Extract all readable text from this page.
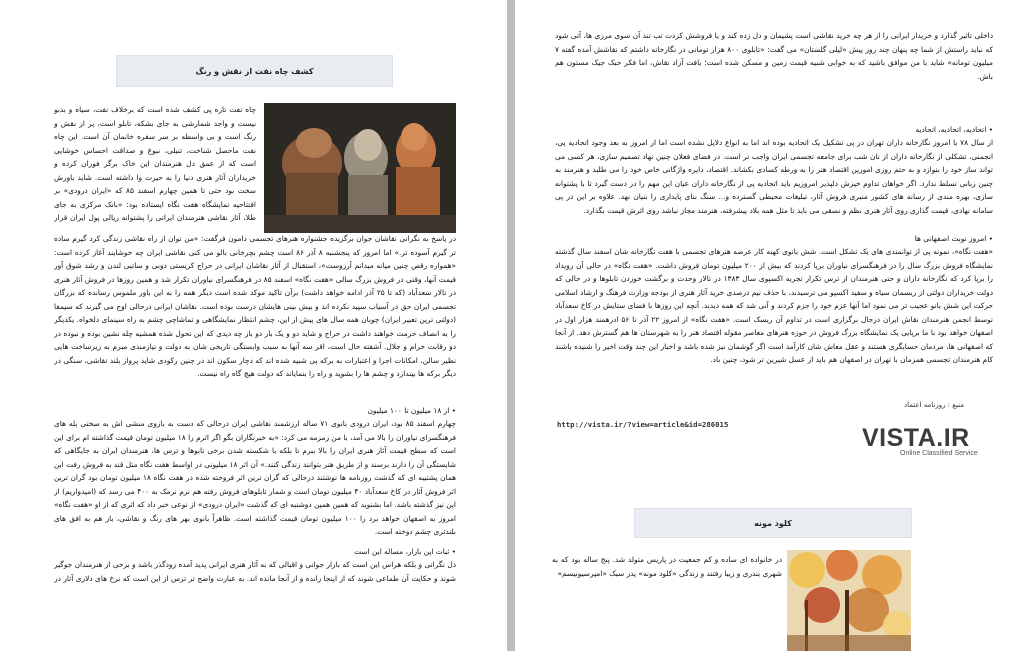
کشف چاه نفت از نقش و رنگ
چاه نفت تازه پی کشف شده است که برخلاف نفت، سیاه و بدبو نیست و واجد شمارشی به جای بشکه، تابلو است، پر از نقش و رنگ است و بی واسطه بر سر سفره خانمان آن است. این چاه نفت ماحصل شناخت، تنبلی، نبوغ و صداقت احساس خوشایی است که از عمق دل هنرمندان این خاک برگر فوران کرده و خریداران آثار هنری دنیا را به حیرت وا داشته است. شاید باورش سخت بود حتی تا همین چهارم اسفند ۸۵ که «ایران درودی» بر افتتاحیه نمایشگاه هفت نگاه ایستاده بود: «بانک مرکزی به جای طلا، آثار نقاشی هنرمندان ایرانی را پشتوانه ریالی پول ایران قرار
در پاسخ به نگرانی نقاشان جوان برگزیده جشنواره هنرهای تجسمی دامون فرگفت: «من توان از راه نقاشی زندگی کرد گیرم ساده تر گیرم آسوده تر.» اما امروز که پنجشنبه ۸ آذر ۸۶ است چشم بچرخانی بالو می کنی نقاشی ایران چه خوشایند آغاز کرده است: «همواره رقص چنین میانه میدانم آرزوست»، استقبال از آثار نقاشان ایرانی در حراج کریستی دوبی و ساتبی لندن و رشد شوق آور قیمت آنها، وقتی در فروش بزرگ سالی «هفت نگاه» اسفند ۸۵ در فرهنگسرای نیاوران تکرار شد و همین روزها در فروش آثار هنری در تالار سعدآباد (که تا ۲۵ آذر ادامه خواهد داشت) برآن تاکید موکد شده است دیگر همه را به این باور ملموس رسانده که بزرگان تجسمی ایران حق در آسیاب سپید نکرده اند و بیش بینی هایشان درست بوده است. نقاشان ایرانی درحالی اوج می گیرند که سیمفا (دولتی ترین تعبیر ایران) چوبان همه سال های پیش از این، چشم انتظار نمایشگاهی و تماشاچی چشم به راه سینمای دلخواه. یکدیگر را به انصاف حرمت خواهند داشت در حراج و شاید دو و یک بار دو باز چه دیدی که این تحول شده همشیه چله نشین بوده و نبوده در دو رقابت خرام و جلال. آشفته حال است، اقر سه آنها به سبب وابستگی تاریخی شان به دولت و نیازمندی مبرم به زیرساخت هایی نظیر سالن، امکانات اجرا و اعتبارات به برکه پی شبیه شده اند که دچار سکون اند در چنین رکودی شاید پرواز بلند نقاشی، سنگی در دیگر برکه ها بیندازد و چشم ها را بشوید و راه را بنمایاند که دولت هیچ گاه راه نیست.
• از ۱۸ میلیون تا ۱۰۰ میلیون
چهارم اسفند ۸۵ بود، ایران درودی بانوی ۷۱ ساله ارزشمند نقاشی ایران درحالی که دست به بازوی منشی اش به سختی پله های فرهنگسرای نیاوران را بالا می آمد، با من زمزمه می کرد: «به خبرنگاران بگو اگر اثرم را ۱۸ میلیون تومان قیمت گذاشته ام برای این است که سطح قیمت آثار هنری ایران را بالا ببرم تا بلکه با شکسته شدن برخی تابوها و ترس ها، هنرمندان ایران به جایگاهی که شایستگی آن را دارند برسند و از طریق هنر بتوانند زندگی کنند.» آن اثر ۱۸ میلیونی در اواسط هفت نگاه متل قند به فروش رفت این همان پشتیبه ای که گذشت روزنامه ها نوشتند درحالی که گران ترین اثر فروخته شده در هفت نگاه ۱۸ میلیون تومان بود گران ترین اثر فروش آثار در کاخ سعدآباد ۴۰ میلیون تومان است و شمار تابلوهای فروش رفته هم نرم نرمک به ۴۰۰ می رسد که (امیدواریم) از این نیز گذشته باشد. اما بشنوید که همین همین دوشنبه ای که گذشت «ایران درودی» از نوعی خبر داد که اثری که از او «هفت نگاه» امروز به اصفهان خواهد برد را ۱۰۰ میلیون تومان قیمت گذاشته است. ظاهراً بانوی بهر های رنگ و نقاشی، بار هم به افق های بلندتری چشم دوخته است.
• ثبات این بازار، مساله این است
دل نگرانی و بلکه هراس این است که بازار جوانی و اقبالی که به آثار هنری ایرانی پدید آمده زودگذر باشد و برخی از هنرمندان جوگیر شوند و حکایت آن طماعی شوند که از اینجا رانده و از آنجا مانده اند. به عبارت واضح تر ترس از این است که نرخ های دلاری آثار در
داخلی تاثیر گذارد و خریدار ایرانی را از هر چه خرید نقاشی است پشیمان و دل زده کند و یا فروشش کردت تب تند آن سوی مرزی ها، آتی شود که نباید راستش از شما چه پنهان چند روز پیش «لیلی گلستان» می گفت: «تابلوی ۸۰۰ هزار تومانی در نگارخانه داشتم که نقاشش آمده گفته ۷ میلیون تومانه» شاید با من موافق باشید که به خوابی شبیه قیمت زمین و مسکن شده است؛ بافت آزاد نقاش، اما فکر حبک جیک مستون هم باش.
• اتحادیه، اتحادیه، اتحادیه
از سال ۷۸ با امروز نگارخانه داران تهران در پی تشکیل یک اتحادیه بوده اند اما به انواع دلایل نشده است اما از امروز به بعد وجود اتحادیه پی، انجمنی، تشکلی از نگارخانه داران از نان شب برای جامعه تجسمی ایران واجب تر است. در فضای فعلان چنین نهاد تصمیم سازی، هر کسی می تواند ساز خود را بنوازد و به حتم روزی امورین اقتصاد هنر را به ورطه کسادی بکشاند. اقتصاد، دایره واژگانی خاص خود را می طلبد و هنرمند به چنین زبانی تسلط ندارد. اگر خواهان تداوم خیزش دلپذیر امروزیم باید اتحادیه پی از نگارخانه داران عیان این مهم را در دست گیرد تا با پشتوانه سازی، بهره مندی از رسانه های کشور منبری فروش آثار، تبلیغات محیطی گسترده و... سنگ بنای پایداری را بنیان نهد. علاوه بر این در پی سامانه نهادی، قیمت گذاری روی آثار هنری نظم و نسقی می باید تا مثل همه بلاد پیشرفته، هنرمند مجاز نباشد روی اثرش قیمت بگذارد.
• امروز نوبت اصفهانی ها
«هفت نگاه»، نمونه پی از توانمندی های یک تشکل است. شش بانوی کهنه کار عرصه هنرهای تجسمی با هفت نگارخانه شان اسفند سال گذشته نمایشگاه فروش بزرگ سال را در فرهنگسرای نیاوران برپا کردند که بیش از ۲۰۰ میلیون تومان فروش داشت. «هفت نگاه» در حالی آن رویداد را برپا کرد که نگارخانه داران و حتی هنرمندان از ترس تکرار تجربه اکسپوی سال ۱۳۸۳ در تالار وحدت و برگشت خوردن تابلوها و در حالی که دولت خریداران دولتی از ریسمان سیاه و سفید اکسپو می ترسیدند، با حذف نیم درصدی خرید آثار هنری از بودجه وزارت فرهنگ و ارشاد اسلامی حرکت این شش بانو عجیب تر می نمود اما آنها عزم خود را جزم کردند و آنی شد که همه دیدند. آنچه این روزها با فضای ستایش در کاخ سعدآباد توسط انجمن هنرمندان نقاش ایران درجال برگزاری است در تداوم آن ریسک است. «هفت نگاه» از امروز ۲۲ آذر تا ۵۶ ادرهمند هزار اول در اصفهان خواهد بود با ما برپایی یک نمایشگاه بزرگ فروش در حوزه هنرهای معاصر مقوله اقتصاد هنر را به شهرستان ها هم گسترش دهد. از آنجا که اصفهانی ها، مردمان حسابگری هستند و عقل معاش شان کارآمد است اگر گوشمان نیز شده باشد و اخبار این چند وقت اخیر را شنیده باشند کام هنرمندان تجسمی همزمان با تهران در اصفهان هم باید از عسل شیرین تر شود، چنین باد.
منبع : روزنامه اعتماد
http://vista.ir/?view=article&id=286015	VISTA.IR
Online Classified Service
کلود مونه
در خانواده ای ساده و کم جمعیت در پاریس متولد شد. پنج ساله بود که به شهری بندری و زیبا رفتند و زندگی «کلود مونه» پدر سبک «امپرسیونیسم»
